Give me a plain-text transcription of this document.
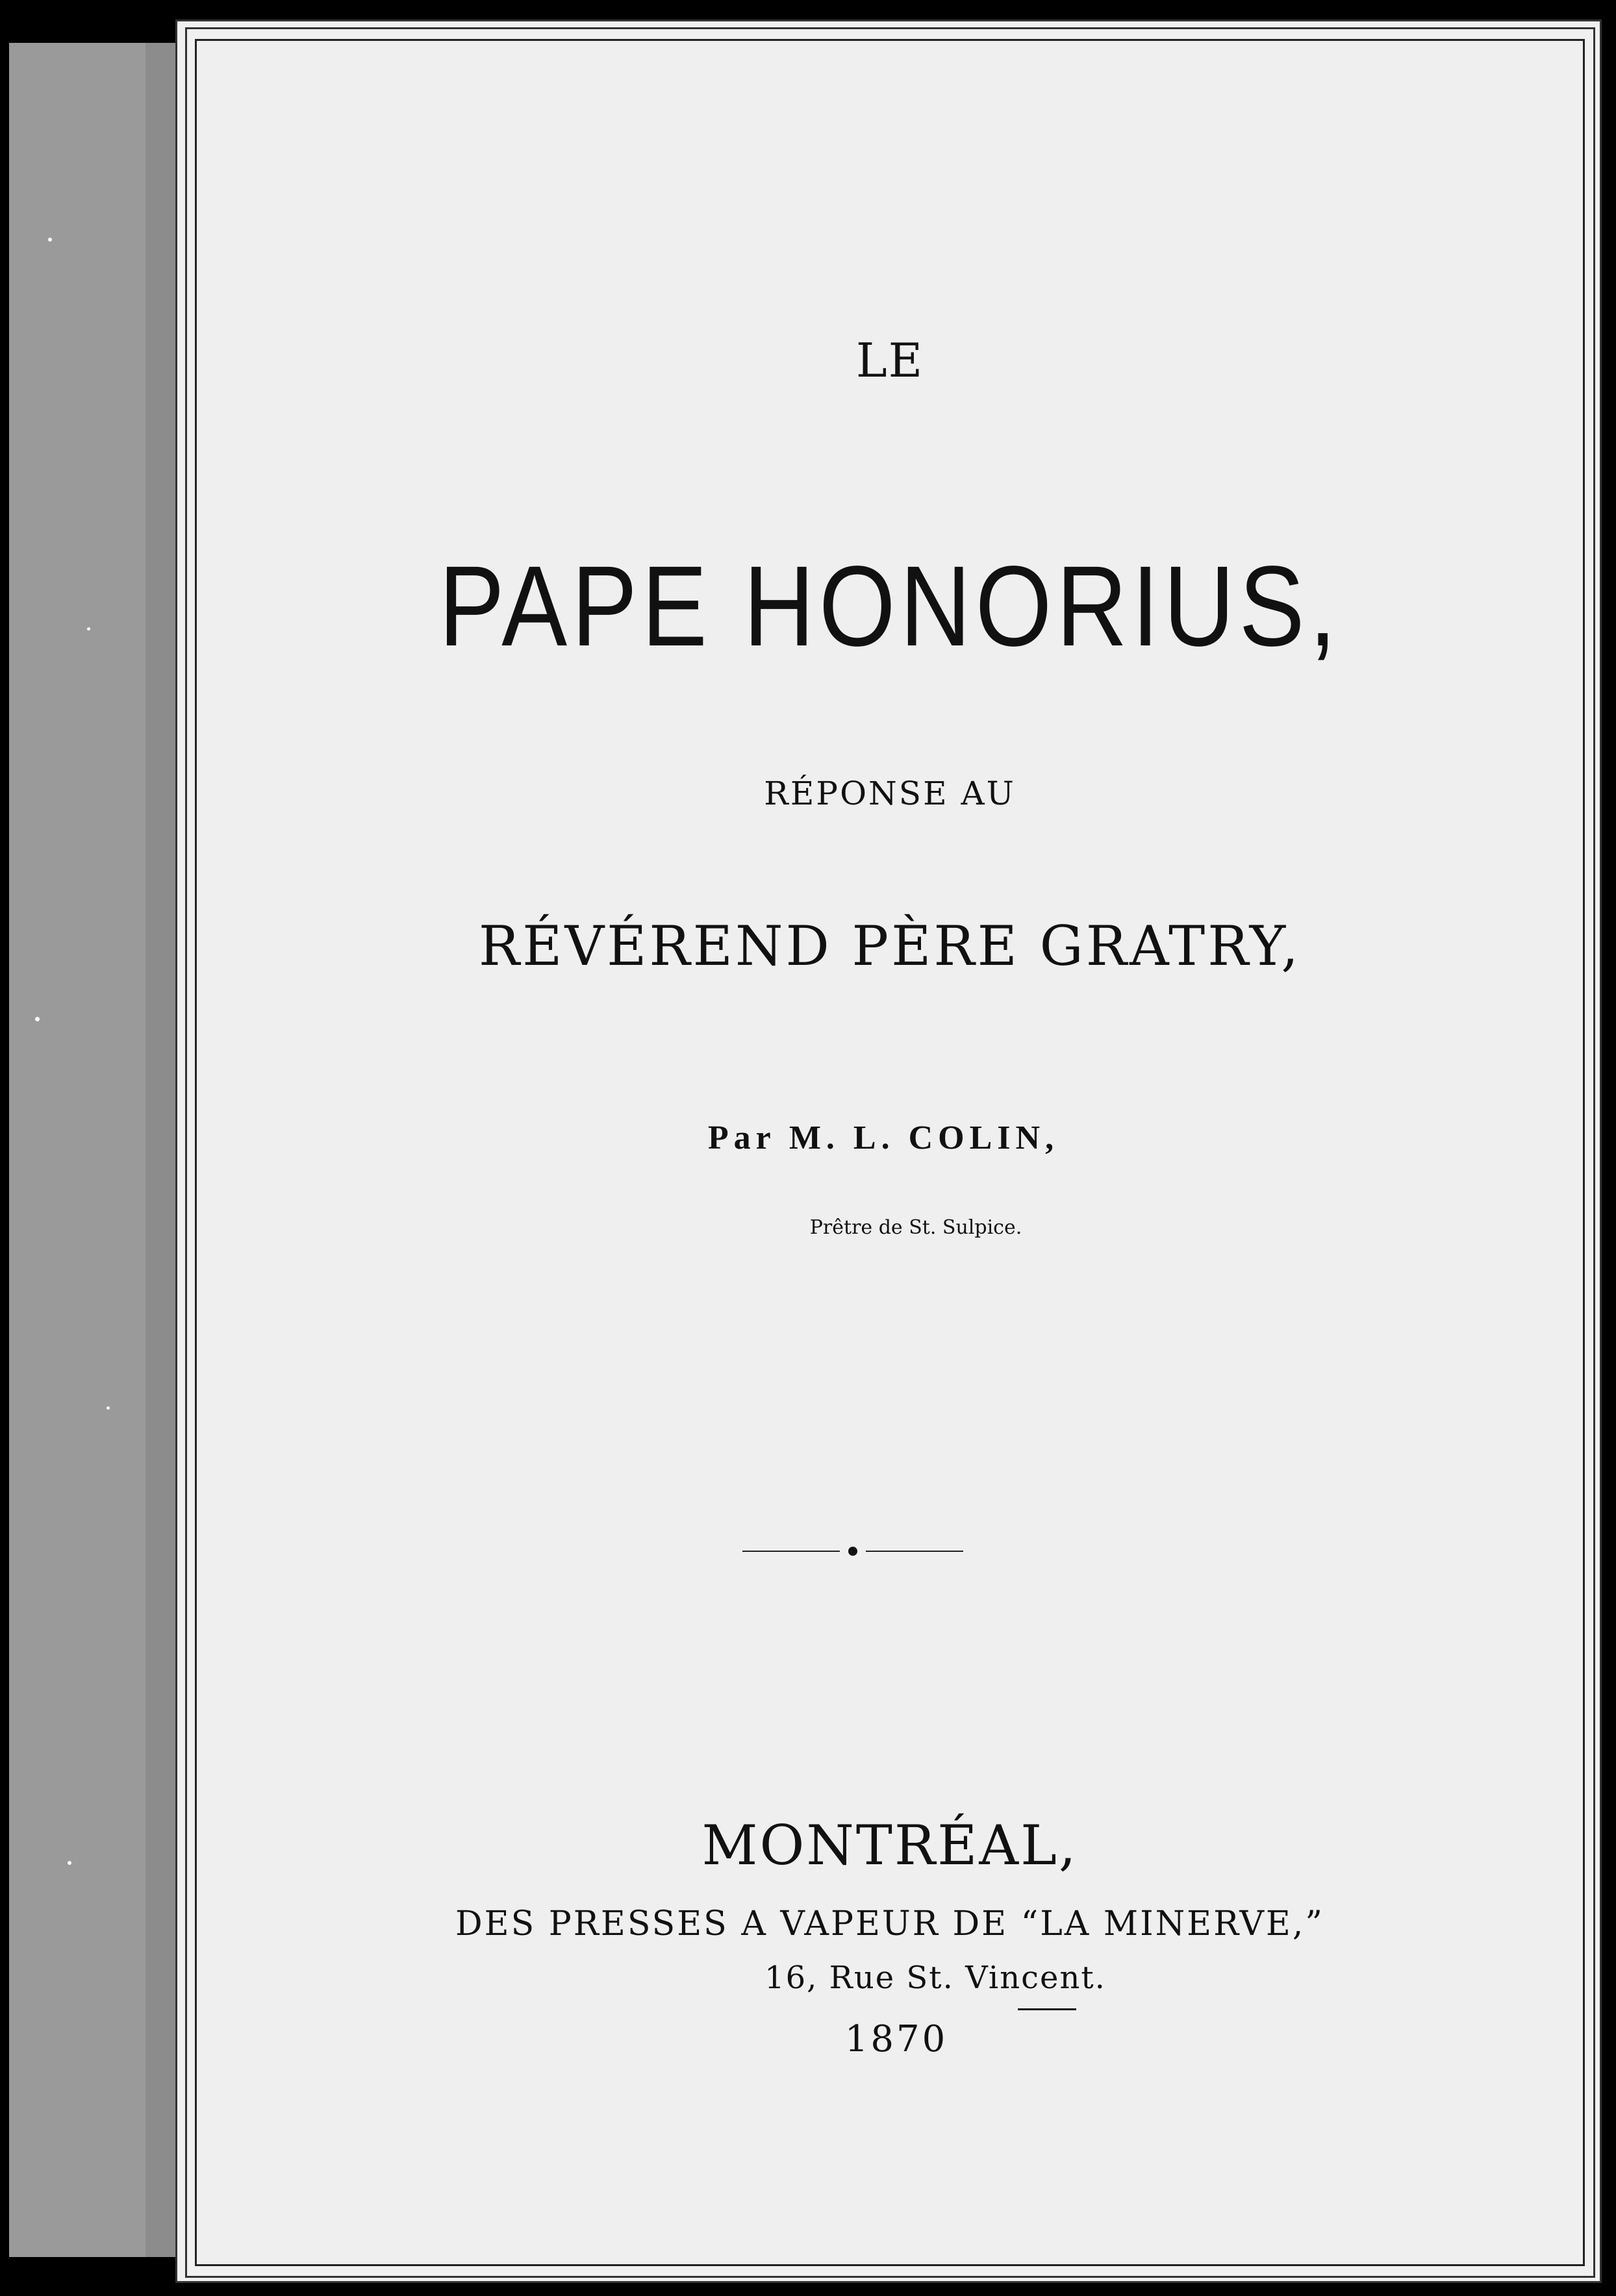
LE
PAPE HONORIUS,
RÉPONSE AU
RÉVÉREND PÈRE GRATRY,
Par M. L. COLIN,
Prêtre de St. Sulpice.
MONTRÉAL,
DES PRESSES A VAPEUR DE “LA MINERVE,”
16, Rue St. Vincent.
1870
